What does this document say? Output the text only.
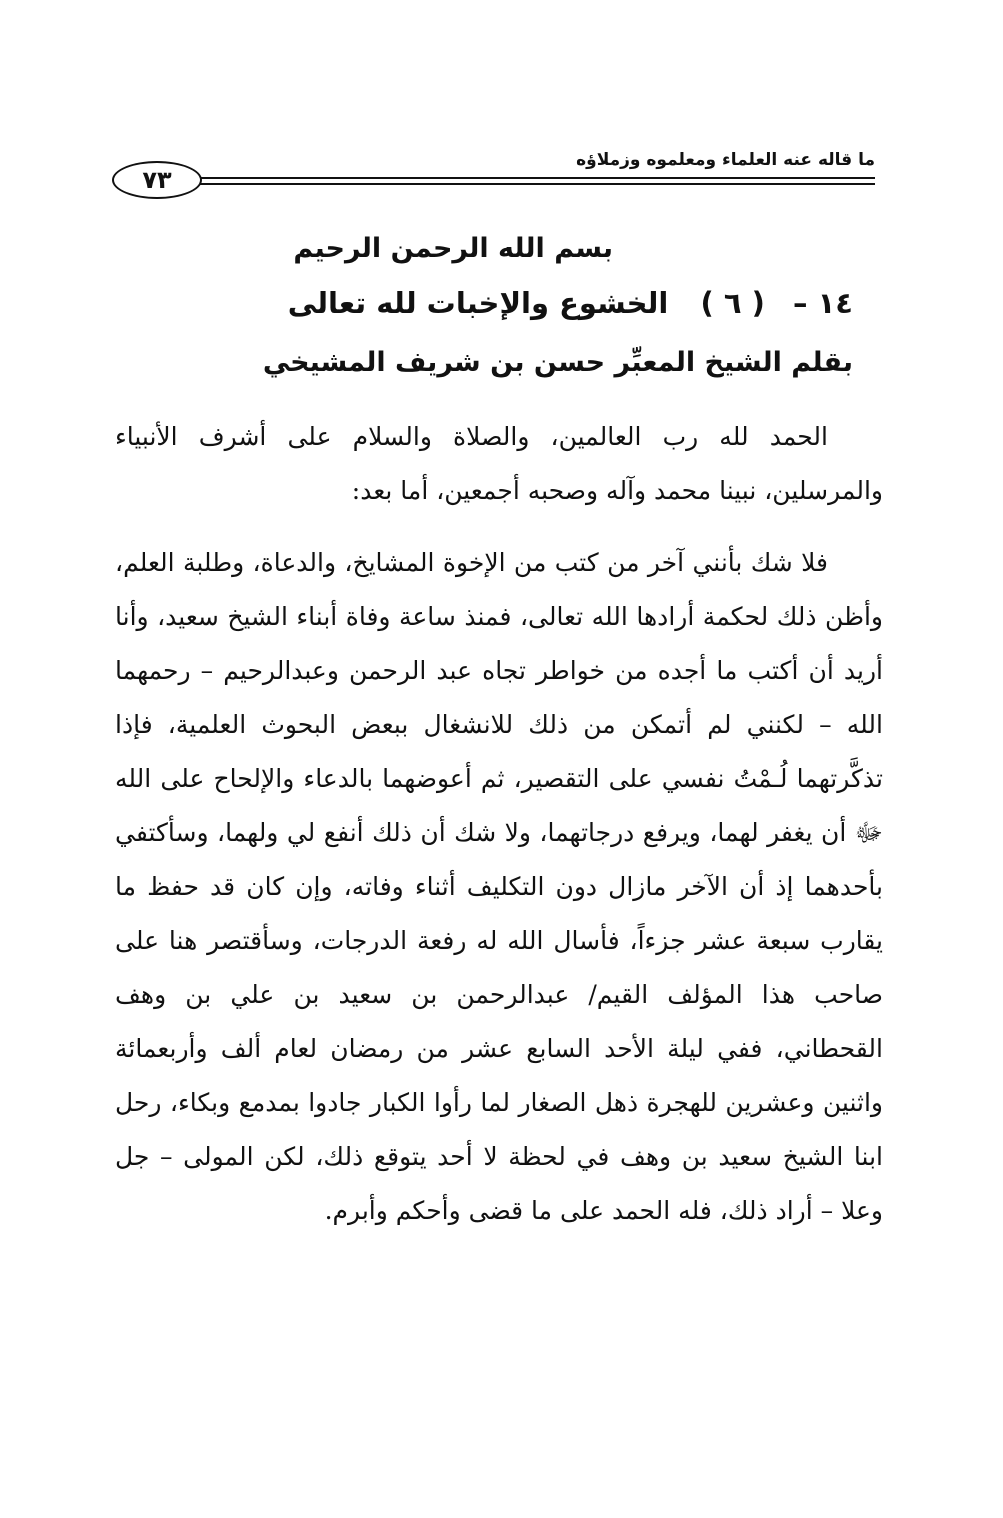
ما قاله عنه العلماء ومعلموه وزملاؤه
٧٣
بسم الله الرحمن الرحيم
١٤ – ( ٦ ) الخشوع والإخبات لله تعالى
بقلم الشيخ المعبِّر حسن بن شريف المشيخي

الحمد لله رب العالمين، والصلاة والسلام على أشرف الأنبياء والمرسلين، نبينا محمد وآله وصحبه أجمعين، أما بعد:

فلا شك بأنني آخر من كتب من الإخوة المشايخ، والدعاة، وطلبة العلم، وأظن ذلك لحكمة أرادها الله تعالى، فمنذ ساعة وفاة أبناء الشيخ سعيد، وأنا أريد أن أكتب ما أجده من خواطر تجاه عبد الرحمن وعبدالرحيم – رحمهما الله – لكنني لم أتمكن من ذلك للانشغال ببعض البحوث العلمية، فإذا تذكَّرتهما لُـمْتُ نفسي على التقصير، ثم أعوضهما بالدعاء والإلحاح على الله ﷻ أن يغفر لهما، ويرفع درجاتهما، ولا شك أن ذلك أنفع لي ولهما، وسأكتفي بأحدهما إذ أن الآخر مازال دون التكليف أثناء وفاته، وإن كان قد حفظ ما يقارب سبعة عشر جزءاً، فأسال الله له رفعة الدرجات، وسأقتصر هنا على صاحب هذا المؤلف القيم/ عبدالرحمن بن سعيد بن علي بن وهف القحطاني، ففي ليلة الأحد السابع عشر من رمضان لعام ألف وأربعمائة واثنين وعشرين للهجرة ذهل الصغار لما رأوا الكبار جادوا بمدمع وبكاء، رحل ابنا الشيخ سعيد بن وهف في لحظة لا أحد يتوقع ذلك، لكن المولى – جل وعلا – أراد ذلك، فله الحمد على ما قضى وأحكم وأبرم.
